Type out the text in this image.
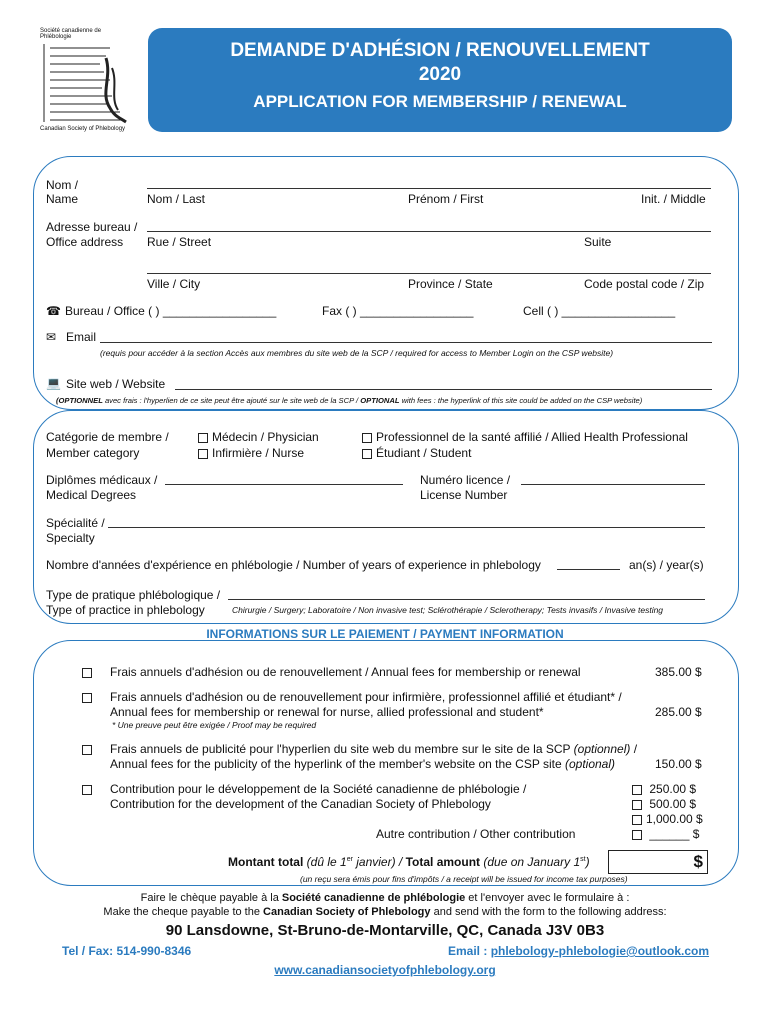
Société canadienne de Phlébologie
Canadian Society of Phlebology
DEMANDE D'ADHÉSION / RENOUVELLEMENT
2020
APPLICATION FOR MEMBERSHIP / RENEWAL
Nom /
Name	Nom / Last	Prénom / First	Init. / Middle
Adresse bureau /
Office address Rue / Street	Suite
Ville / City	Province / State	Code postal code / Zip
☎ Bureau / Office ( ) _________________	Fax ( ) _________________	Cell ( ) _________________
✉ Email
(requis pour accéder à la section Accès aux membres du site web de la SCP / required for access to Member Login on the CSP website)
💻 Site web / Website
(OPTIONNEL avec frais : l'hyperlien de ce site peut être ajouté sur le site web de la SCP / OPTIONAL with fees : the hyperlink of this site could be added on the CSP website)
Catégorie de membre /
Member category
Médecin / Physician
Infirmière / Nurse
Professionnel de la santé affilié / Allied Health Professional
Étudiant / Student
Diplômes médicaux /
Medical Degrees
Numéro licence /
License Number
Spécialité /
Specialty
Nombre d'années d'expérience en phlébologie / Number of years of experience in phlebology	an(s) / year(s)
Type de pratique phlébologique /
Type of practice in phlebology	Chirurgie / Surgery; Laboratoire / Non invasive test; Sclérothérapie / Sclerotherapy; Tests invasifs / Invasive testing
INFORMATIONS SUR LE PAIEMENT / PAYMENT INFORMATION
Frais annuels d'adhésion ou de renouvellement / Annual fees for membership or renewal	385.00 $
Frais annuels d'adhésion ou de renouvellement pour infirmière, professionnel affilié et étudiant* /
Annual fees for membership or renewal for nurse, allied professional and student*	285.00 $
* Une preuve peut être exigée / Proof may be required
Frais annuels de publicité pour l'hyperlien du site web du membre sur le site de la SCP (optionnel) /
Annual fees for the publicity of the hyperlink of the member's website on the CSP site (optional)	150.00 $
Contribution pour le développement de la Société canadienne de phlébologie /
Contribution for the development of the Canadian Society of Phlebology
250.00 $
500.00 $
1,000.00 $
______ $
Autre contribution / Other contribution
Montant total (dû le 1er janvier) / Total amount (due on January 1st)	$
(un reçu sera émis pour fins d'impôts / a receipt will be issued for income tax purposes)
Faire le chèque payable à la Société canadienne de phlébologie et l'envoyer avec le formulaire à :
Make the cheque payable to the Canadian Society of Phlebology and send with the form to the following address:
90 Lansdowne, St-Bruno-de-Montarville, QC, Canada J3V 0B3
Tel / Fax: 514-990-8346	Email : phlebology-phlebologie@outlook.com
www.canadiansocietyofphlebology.org
